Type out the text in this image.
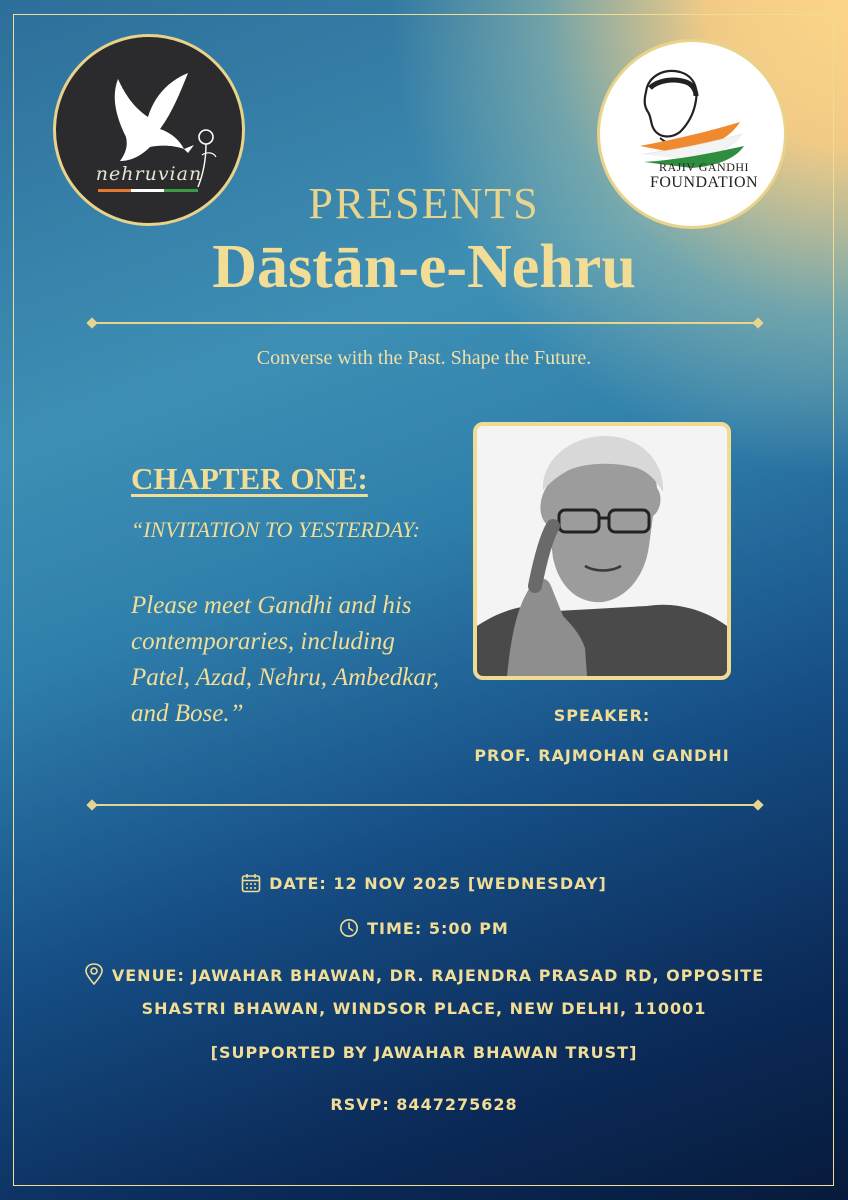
nehruvian	RAJIV GANDHI
FOUNDATION
PRESENTS
Dāstān-e-Nehru
Converse with the Past. Shape the Future.
CHAPTER ONE:
“INVITATION TO YESTERDAY:
Please meet Gandhi and his contemporaries, including Patel, Azad, Nehru, Ambedkar, and Bose.”	SPEAKER:
PROF. RAJMOHAN GANDHI
DATE: 12 NOV 2025 [WEDNESDAY]
TIME: 5:00 PM
VENUE: JAWAHAR BHAWAN, DR. RAJENDRA PRASAD RD, OPPOSITE
SHASTRI BHAWAN, WINDSOR PLACE, NEW DELHI, 110001
[SUPPORTED BY JAWAHAR BHAWAN TRUST]
RSVP: 8447275628
